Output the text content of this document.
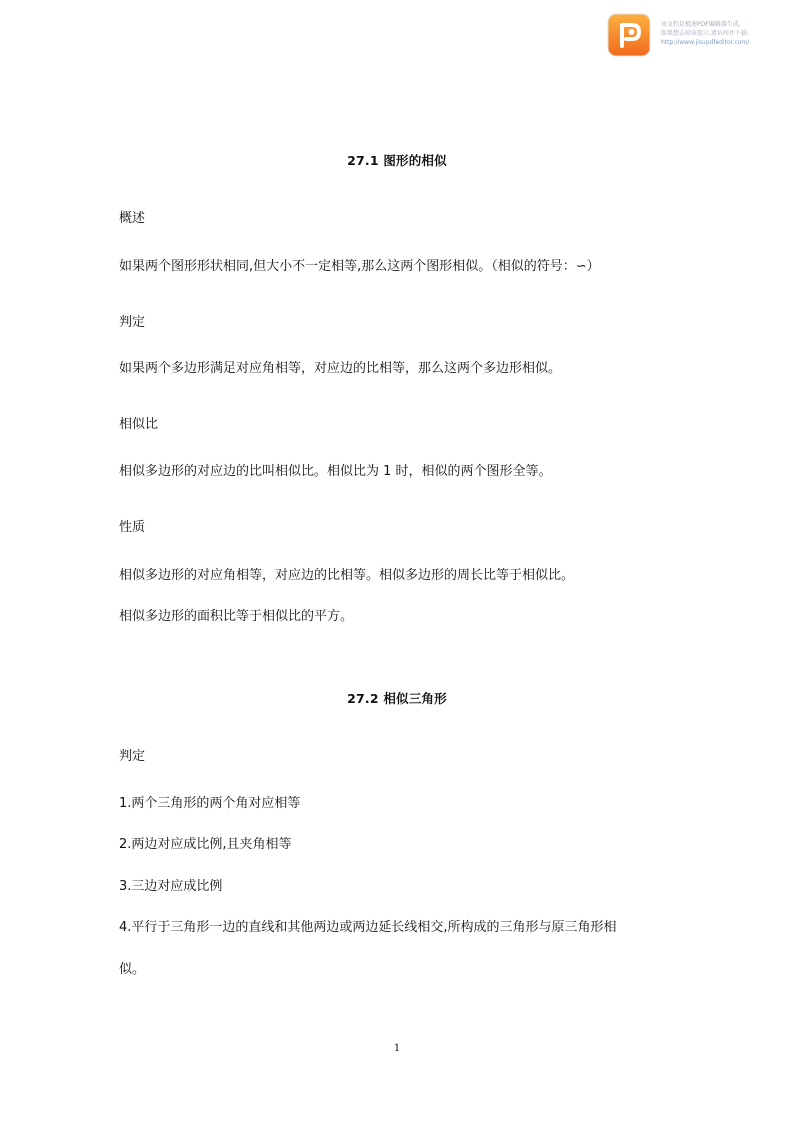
该文档是极速PDF编辑器生成,
如果想去掉该提示,请访问并下载:
http://www.jisupdfeditor.com/
27.1 图形的相似
概述
如果两个图形形状相同,但大小不一定相等,那么这两个图形相似。（相似的符号：∽）
判定
如果两个多边形满足对应角相等，对应边的比相等，那么这两个多边形相似。
相似比
相似多边形的对应边的比叫相似比。相似比为 1 时，相似的两个图形全等。
性质
相似多边形的对应角相等，对应边的比相等。相似多边形的周长比等于相似比。
相似多边形的面积比等于相似比的平方。
27.2 相似三角形
判定
1.两个三角形的两个角对应相等
2.两边对应成比例,且夹角相等
3.三边对应成比例
4.平行于三角形一边的直线和其他两边或两边延长线相交,所构成的三角形与原三角形相
似。
1
